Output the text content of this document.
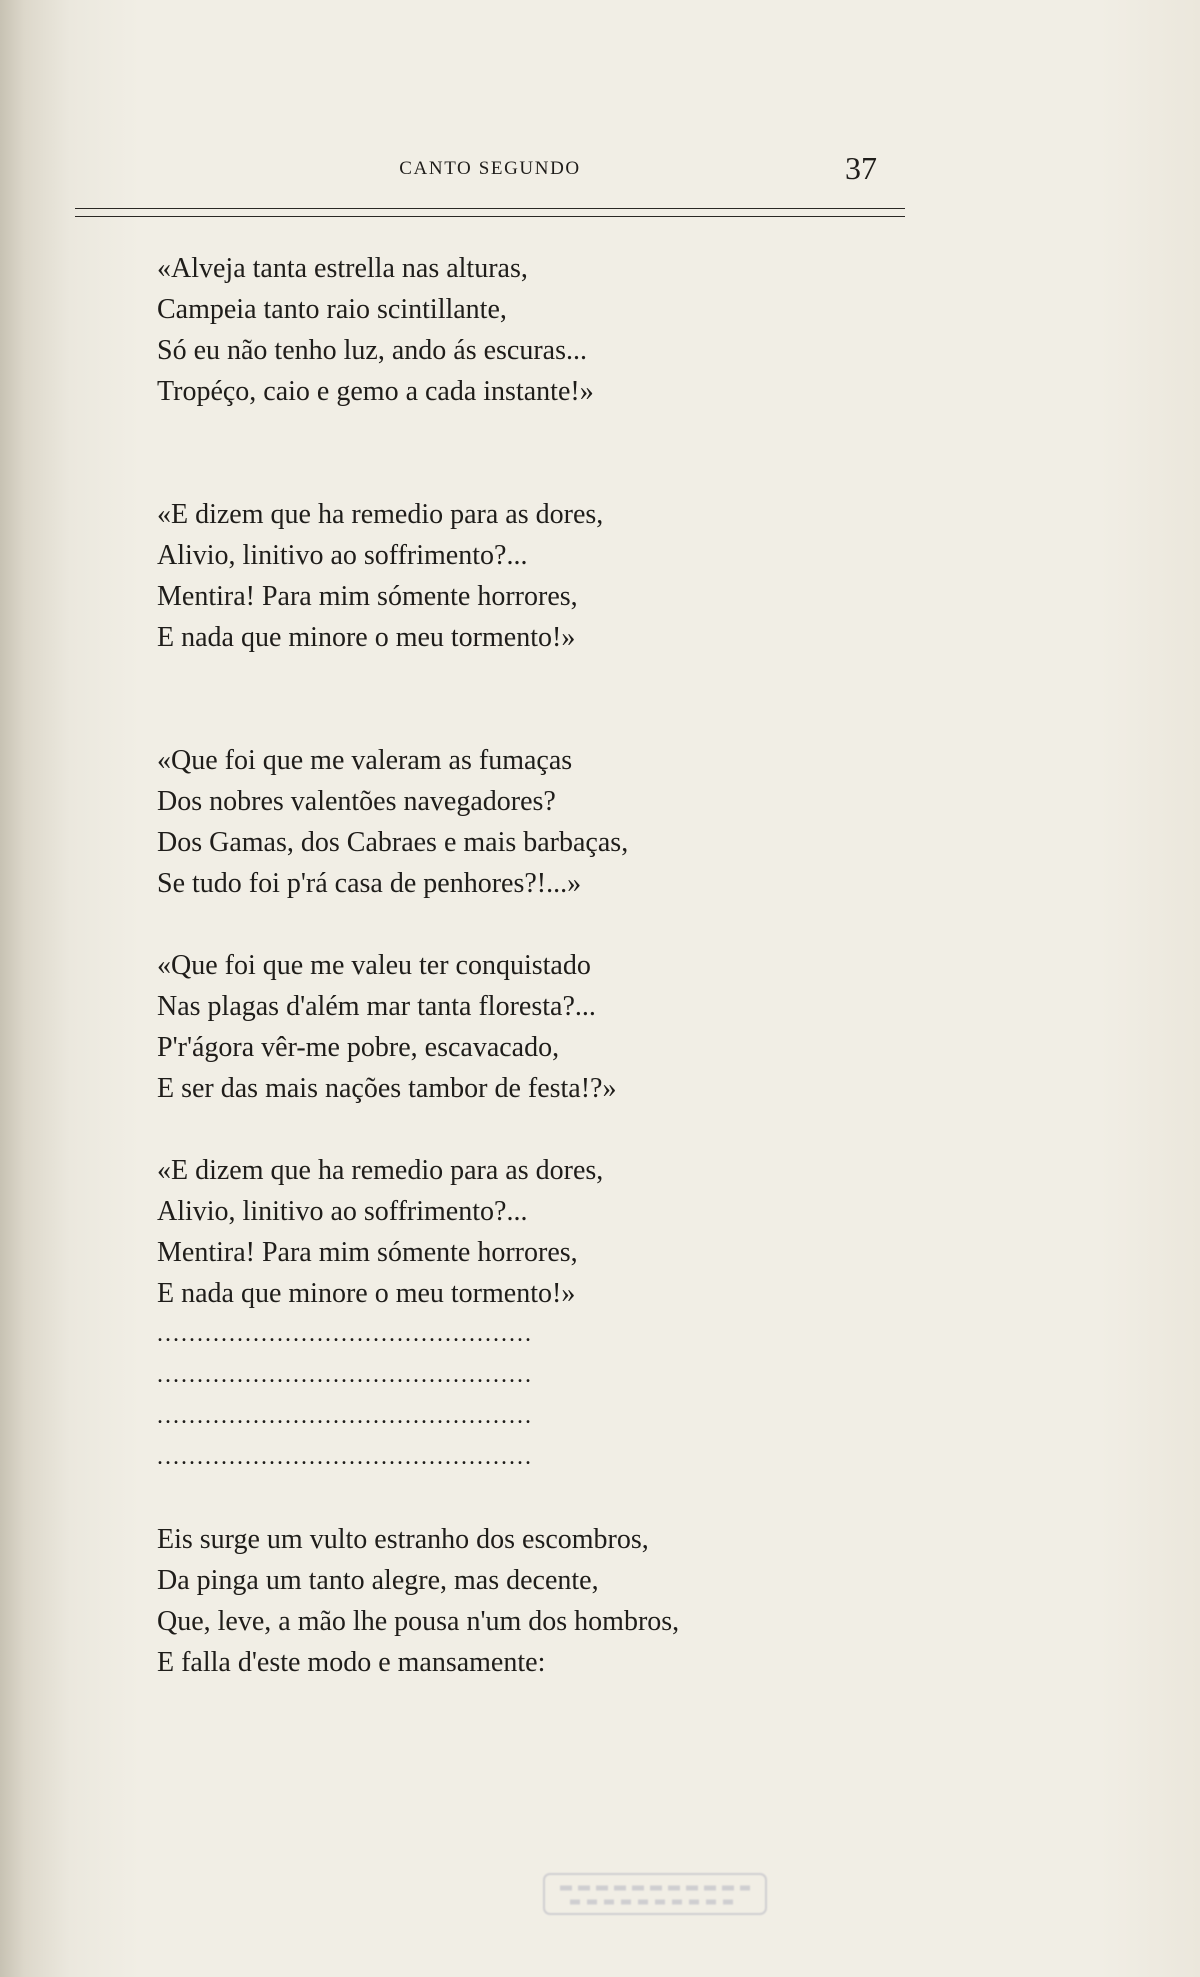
CANTO SEGUNDO	37
«Alveja tanta estrella nas alturas,
Campeia tanto raio scintillante,
Só eu não tenho luz, ando ás escuras...
Tropéço, caio e gemo a cada instante!»
«E dizem que ha remedio para as dores,
Alivio, linitivo ao soffrimento?...
Mentira! Para mim sómente horrores,
E nada que minore o meu tormento!»
«Que foi que me valeram as fumaças
Dos nobres valentões navegadores?
Dos Gamas, dos Cabraes e mais barbaças,
Se tudo foi p'rá casa de penhores?!...»
«Que foi que me valeu ter conquistado
Nas plagas d'além mar tanta floresta?...
P'r'ágora vêr-me pobre, escavacado,
E ser das mais nações tambor de festa!?»
«E dizem que ha remedio para as dores,
Alivio, linitivo ao soffrimento?...
Mentira! Para mim sómente horrores,
E nada que minore o meu tormento!»
...............................................
...............................................
...............................................
...............................................
Eis surge um vulto estranho dos escombros,
Da pinga um tanto alegre, mas decente,
Que, leve, a mão lhe pousa n'um dos hombros,
E falla d'este modo e mansamente:
